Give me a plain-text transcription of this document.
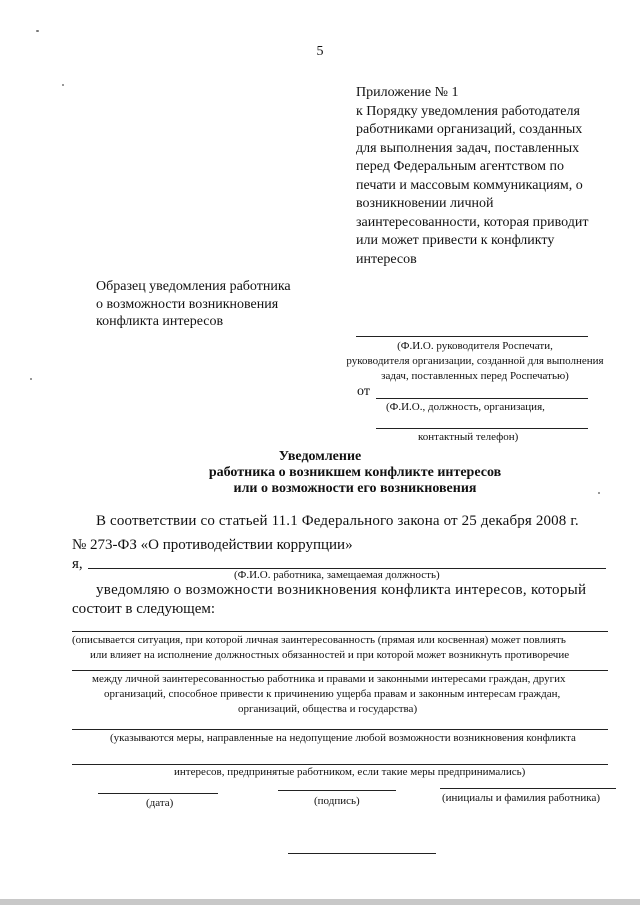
5
Приложение № 1
к Порядку уведомления работодателя
работниками организаций, созданных
для выполнения задач, поставленных
перед Федеральным агентством по
печати и массовым коммуникациям, о
возникновении личной
заинтересованности, которая приводит
или может привести к конфликту
интересов
Образец уведомления работника
о возможности возникновения
конфликта интересов
(Ф.И.О. руководителя Роспечати,
руководителя организации, созданной для выполнения
задач, поставленных перед Роспечатью)
от
(Ф.И.О., должность, организация,
контактный телефон)
Уведомление
работника о возникшем конфликте интересов
или о возможности его возникновения
В соответствии со статьей 11.1 Федерального закона от 25 декабря 2008 г.
№ 273-ФЗ «О противодействии коррупции»
я,
(Ф.И.О. работника, замещаемая должность)
уведомляю о возможности возникновения конфликта интересов, который
состоит в следующем:
(описывается ситуация, при которой личная заинтересованность (прямая или косвенная) может повлиять
или влияет на исполнение должностных обязанностей и при которой может возникнуть противоречие
между личной заинтересованностью работника и правами и законными интересами граждан, других
организаций, способное привести к причинению ущерба правам и законным интересам граждан,
организаций, общества и государства)
(указываются меры, направленные на недопущение любой возможности возникновения конфликта
интересов, предпринятые работником, если такие меры предпринимались)
(дата)	(подпись)	(инициалы и фамилия работника)
